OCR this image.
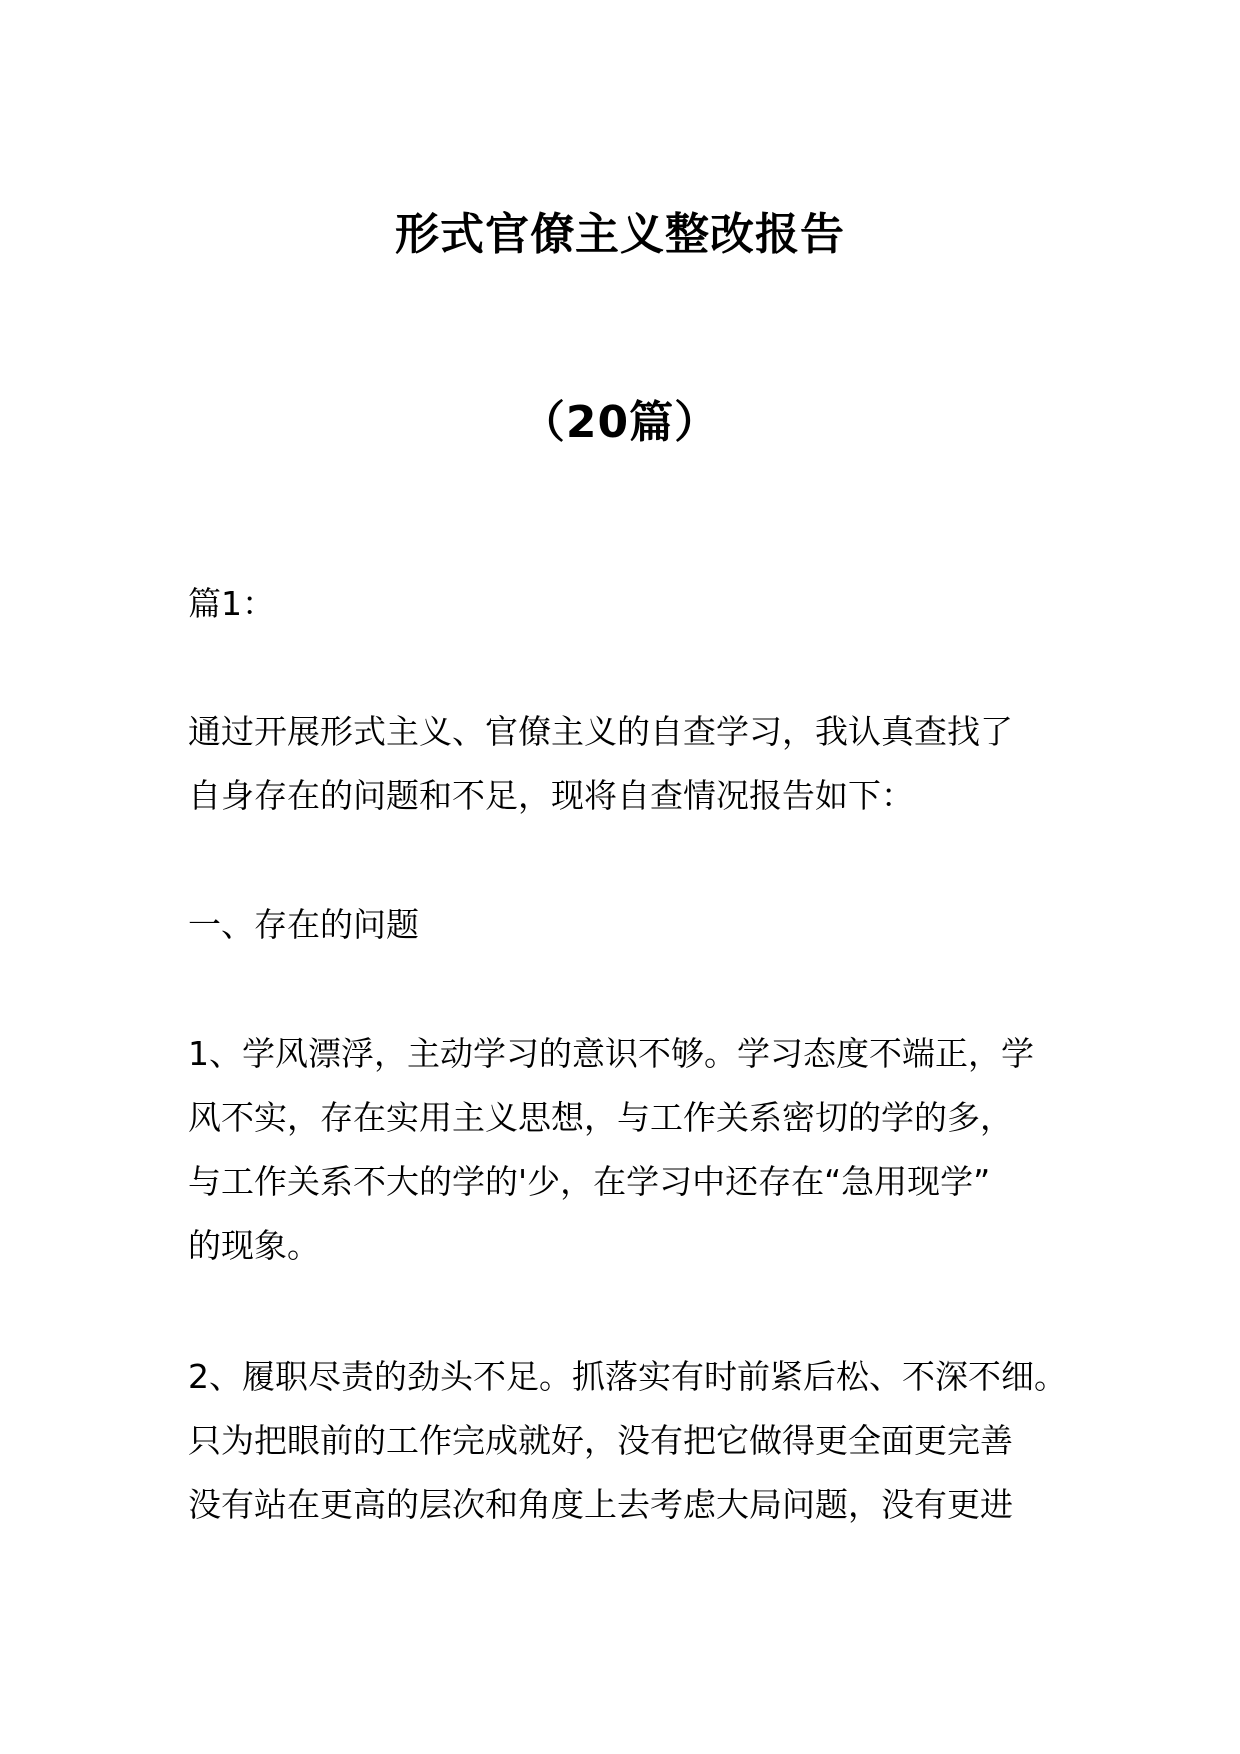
形式官僚主义整改报告
（20篇）
篇1：
通过开展形式主义、官僚主义的自查学习，我认真查找了
自身存在的问题和不足，现将自查情况报告如下：
一、存在的问题
1、学风漂浮，主动学习的意识不够。学习态度不端正，学
风不实，存在实用主义思想，与工作关系密切的学的多，
与工作关系不大的学的'少，在学习中还存在“急用现学”
的现象。
2、履职尽责的劲头不足。抓落实有时前紧后松、不深不细。
只为把眼前的工作完成就好，没有把它做得更全面更完善
没有站在更高的层次和角度上去考虑大局问题，没有更进
